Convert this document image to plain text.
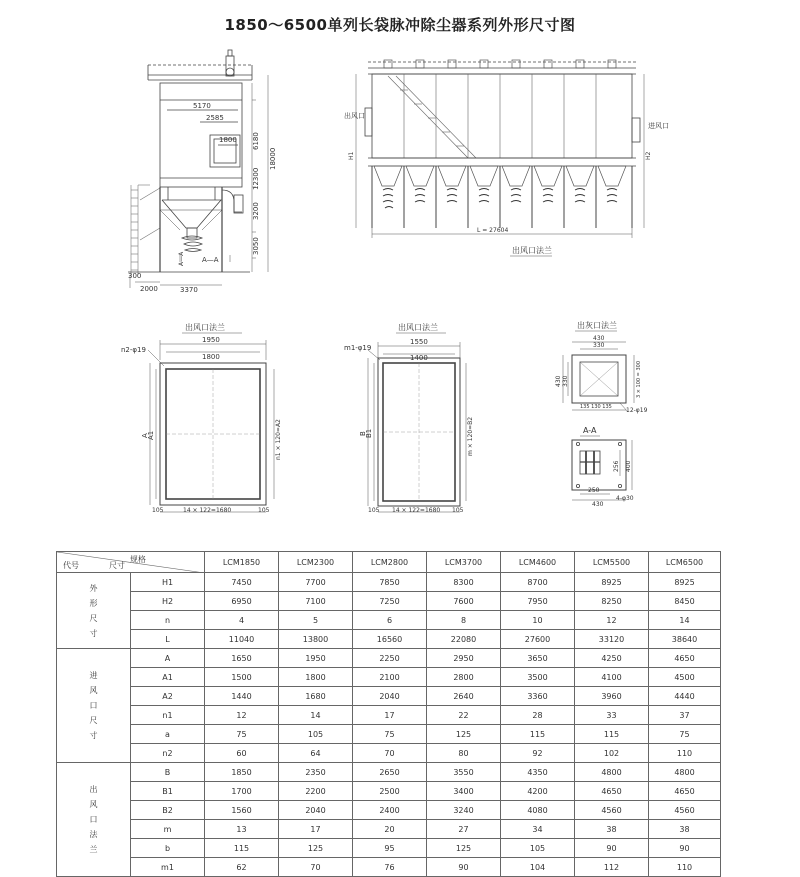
1850～6500单列长袋脉冲除尘器系列外形尺寸图
5170
2585
1800 6180
12300
18000
3200
3050
300
2000	3370
A—A
A—A
出风口
进风口
L = 27604
H1	H2
出风口法兰
出风口法兰
1950
1800
n2-φ19
A
A1	n1 × 120=A2
105	14 × 122=1680	105
出风口法兰
1550
1400
m1-φ19
B
B1	m × 120=B2
105 14 × 122=1680 105
出灰口法兰
430
330
430 330	3 × 100 = 300
135 130 135 12-φ19
A-A
256 400
250
430
4-φ30
规格
代号 尺寸		LCM1850	LCM2300	LCM2800	LCM3700	LCM4600	LCM5500	LCM6500
外形尺寸	H1	7450	7700	7850	8300	8700	8925	8925
	H2	6950	7100	7250	7600	7950	8250	8450
	n	4	5	6	8	10	12	14
	L	11040	13800	16560	22080	27600	33120	38640
进风口尺寸	A	1650	1950	2250	2950	3650	4250	4650
	A1	1500	1800	2100	2800	3500	4100	4500
	A2	1440	1680	2040	2640	3360	3960	4440
	n1	12	14	17	22	28	33	37
	a	75	105	75	125	115	115	75
	n2	60	64	70	80	92	102	110
出风口法兰	B	1850	2350	2650	3550	4350	4800	4800
	B1	1700	2200	2500	3400	4200	4650	4650
	B2	1560	2040	2400	3240	4080	4560	4560
	m	13	17	20	27	34	38	38
	b	115	125	95	125	105	90	90
	m1	62	70	76	90	104	112	110
